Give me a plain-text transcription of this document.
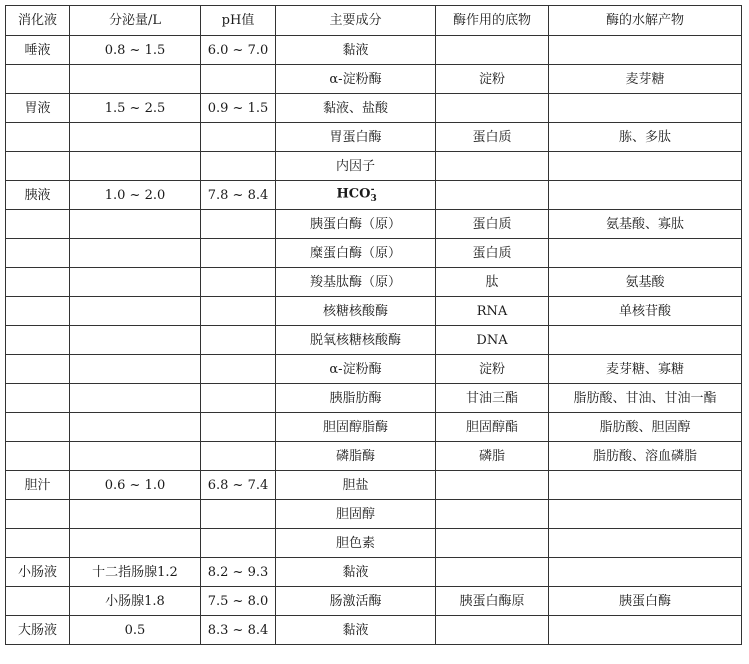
消化液	分泌量/L	pH值	主要成分	酶作用的底物	酶的水解产物
唾液	0.8 ~ 1.5	6.0 ~ 7.0	黏液		
			α-淀粉酶	淀粉	麦芽糖
胃液	1.5 ~ 2.5	0.9 ~ 1.5	黏液、盐酸		
			胃蛋白酶	蛋白质	胨、多肽
			内因子		
胰液	1.0 ~ 2.0	7.8 ~ 8.4	$HCO_3^-$		
			胰蛋白酶（原）	蛋白质	氨基酸、寡肽
			糜蛋白酶（原）	蛋白质	
			羧基肽酶（原）	肽	氨基酸
			核糖核酸酶	RNA	单核苷酸
			脱氧核糖核酸酶	DNA	
			α-淀粉酶	淀粉	麦芽糖、寡糖
			胰脂肪酶	甘油三酯	脂肪酸、甘油、甘油一酯
			胆固醇脂酶	胆固醇酯	脂肪酸、胆固醇
			磷脂酶	磷脂	脂肪酸、溶血磷脂
胆汁	0.6 ~ 1.0	6.8 ~ 7.4	胆盐		
			胆固醇		
			胆色素		
小肠液	十二指肠腺1.2	8.2 ~ 9.3	黏液		
	小肠腺1.8	7.5 ~ 8.0	肠激活酶	胰蛋白酶原	胰蛋白酶
大肠液	0.5	8.3 ~ 8.4	黏液		
